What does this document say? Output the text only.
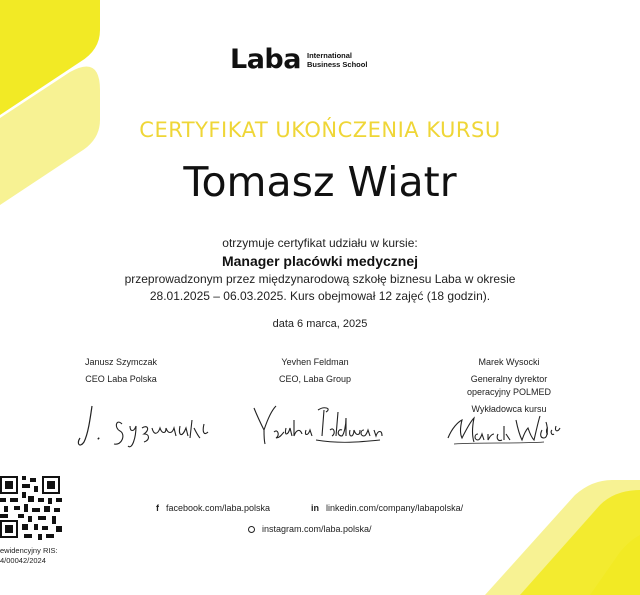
Laba International
Business School
CERTYFIKAT UKOŃCZENIA KURSU
Tomasz Wiatr
otrzymuje certyfikat udziału w kursie:
Manager placówki medycznej
przeprowadzonym przez międzynarodową szkołę biznesu Laba w okresie
28.01.2025 – 06.03.2025. Kurs obejmował 12 zajęć (18 godzin).
data 6 marca, 2025
Janusz Szymczak
CEO Laba Polska
Yevhen Feldman
CEO, Laba Group
Marek Wysocki
Generalny dyrektor
operacyjny POLMED
Wykładowca kursu
ewidencyjny RIS:
4/00042/2024
f facebook.com/laba.polska	in linkedin.com/company/labapolska/
instagram.com/laba.polska/
